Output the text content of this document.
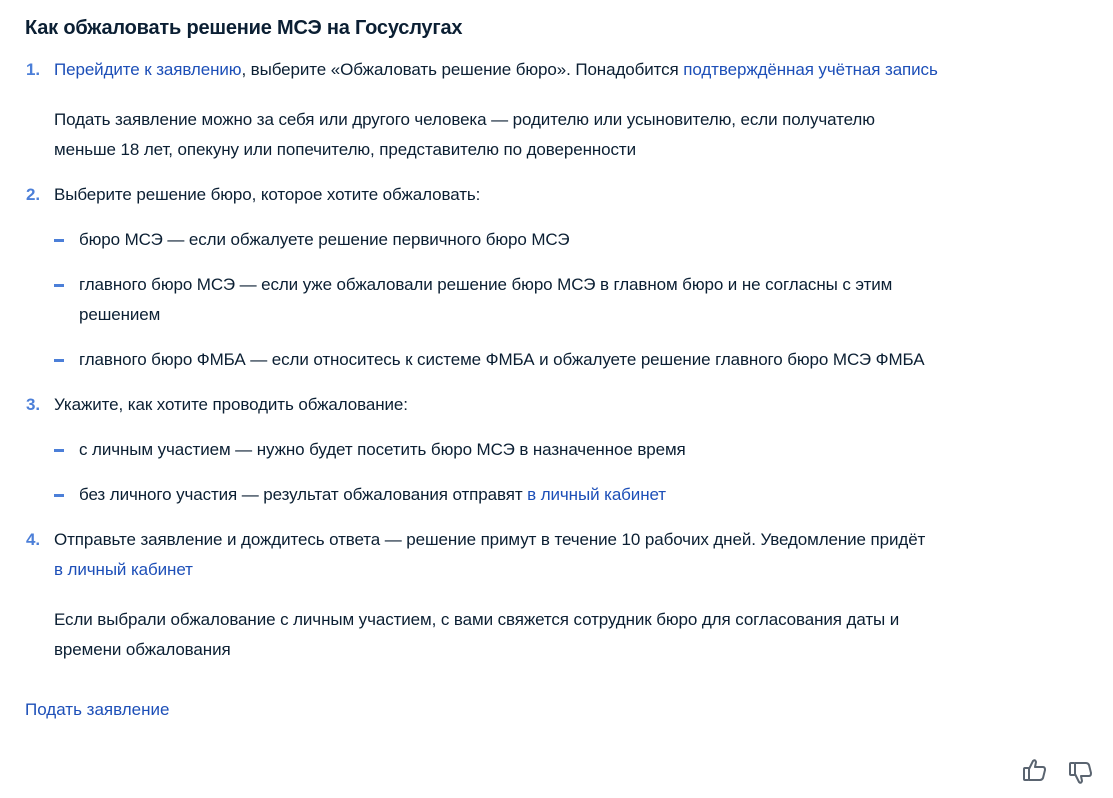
Как обжаловать решение МСЭ на Госуслугах
1. Перейдите к заявлению, выберите «Обжаловать решение бюро». Понадобится подтверждённая учётная запись
Подать заявление можно за себя или другого человека — родителю или усыновителю, если получателю
меньше 18 лет, опекуну или попечителю, представителю по доверенности
2. Выберите решение бюро, которое хотите обжаловать:
бюро МСЭ — если обжалуете решение первичного бюро МСЭ
главного бюро МСЭ — если уже обжаловали решение бюро МСЭ в главном бюро и не согласны с этим
решением
главного бюро ФМБА — если относитесь к системе ФМБА и обжалуете решение главного бюро МСЭ ФМБА
3. Укажите, как хотите проводить обжалование:
с личным участием — нужно будет посетить бюро МСЭ в назначенное время
без личного участия — результат обжалования отправят в личный кабинет
4. Отправьте заявление и дождитесь ответа — решение примут в течение 10 рабочих дней. Уведомление придёт
в личный кабинет
Если выбрали обжалование с личным участием, с вами свяжется сотрудник бюро для согласования даты и
времени обжалования
Подать заявление
